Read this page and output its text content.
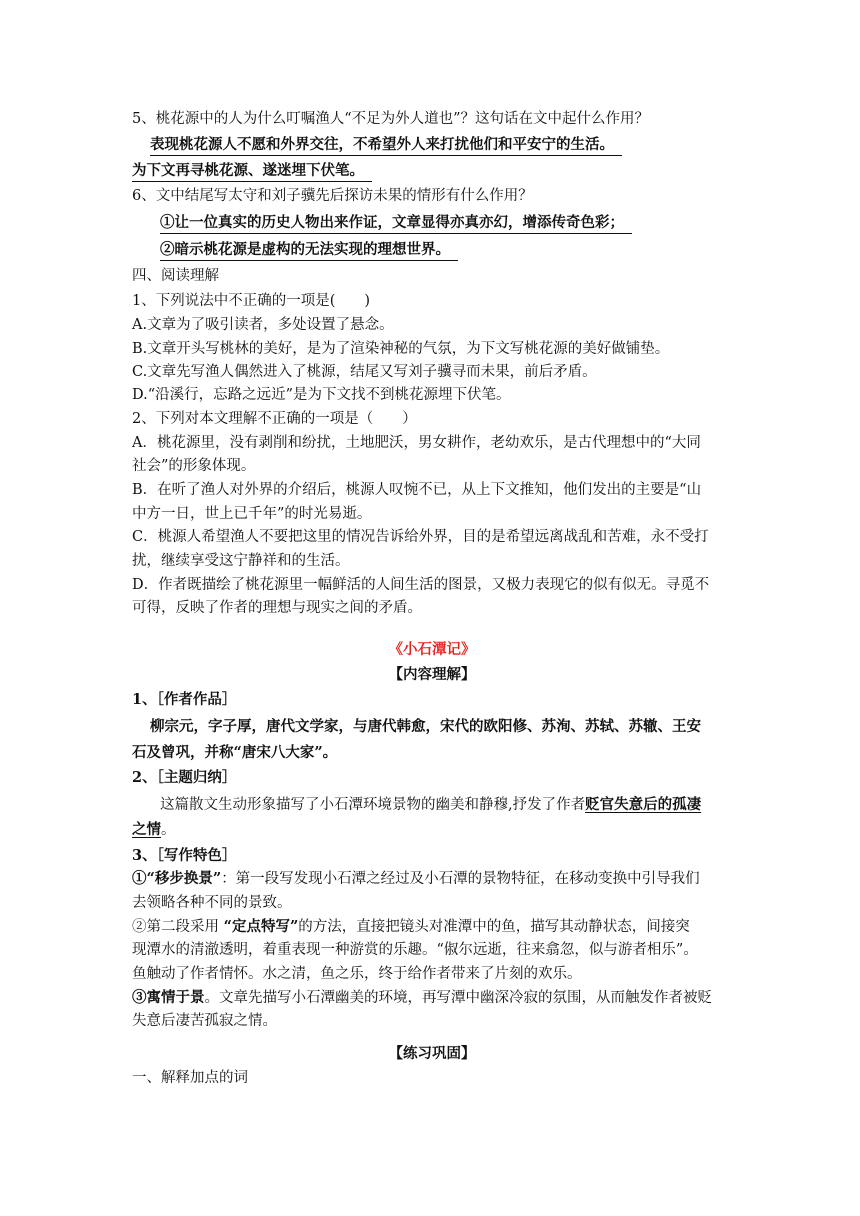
5、桃花源中的人为什么叮嘱渔人“不足为外人道也”？这句话在文中起什么作用？
表现桃花源人不愿和外界交往，不希望外人来打扰他们和平安宁的生活。
为下文再寻桃花源、遂迷埋下伏笔。
6、文中结尾写太守和刘子骥先后探访未果的情形有什么作用？
①让一位真实的历史人物出来作证，文章显得亦真亦幻，增添传奇色彩；
②暗示桃花源是虚构的无法实现的理想世界。
四、阅读理解
1、下列说法中不正确的一项是(　　)
A.文章为了吸引读者，多处设置了悬念。
B.文章开头写桃林的美好，是为了渲染神秘的气氛，为下文写桃花源的美好做铺垫。
C.文章先写渔人偶然进入了桃源，结尾又写刘子骥寻而未果，前后矛盾。
D.“沿溪行，忘路之远近”是为下文找不到桃花源埋下伏笔。
2、下列对本文理解不正确的一项是（　　）
A．桃花源里，没有剥削和纷扰，土地肥沃，男女耕作，老幼欢乐，是古代理想中的“大同
社会”的形象体现。
B．在听了渔人对外界的介绍后，桃源人叹惋不已，从上下文推知，他们发出的主要是“山
中方一日，世上已千年”的时光易逝。
C．桃源人希望渔人不要把这里的情况告诉给外界，目的是希望远离战乱和苦难，永不受打
扰，继续享受这宁静祥和的生活。
D．作者既描绘了桃花源里一幅鲜活的人间生活的图景，又极力表现它的似有似无。寻觅不
可得，反映了作者的理想与现实之间的矛盾。
《小石潭记》
【内容理解】
1、［作者作品］
柳宗元，字子厚，唐代文学家，与唐代韩愈，宋代的欧阳修、苏洵、苏轼、苏辙、王安
石及曾巩，并称“唐宋八大家”。
2、［主题归纳］
这篇散文生动形象描写了小石潭环境景物的幽美和静穆,抒发了作者贬官失意后的孤凄
之情。
3、［写作特色］
①“移步换景”：第一段写发现小石潭之经过及小石潭的景物特征，在移动变换中引导我们
去领略各种不同的景致。
②第二段采用 “定点特写”的方法，直接把镜头对准潭中的鱼，描写其动静状态，间接突
现潭水的清澈透明，着重表现一种游赏的乐趣。“俶尔远逝，往来翕忽，似与游者相乐”。
鱼触动了作者情怀。水之清，鱼之乐，终于给作者带来了片刻的欢乐。
③寓情于景。文章先描写小石潭幽美的环境，再写潭中幽深冷寂的氛围，从而触发作者被贬
失意后凄苦孤寂之情。
【练习巩固】
一、解释加点的词
